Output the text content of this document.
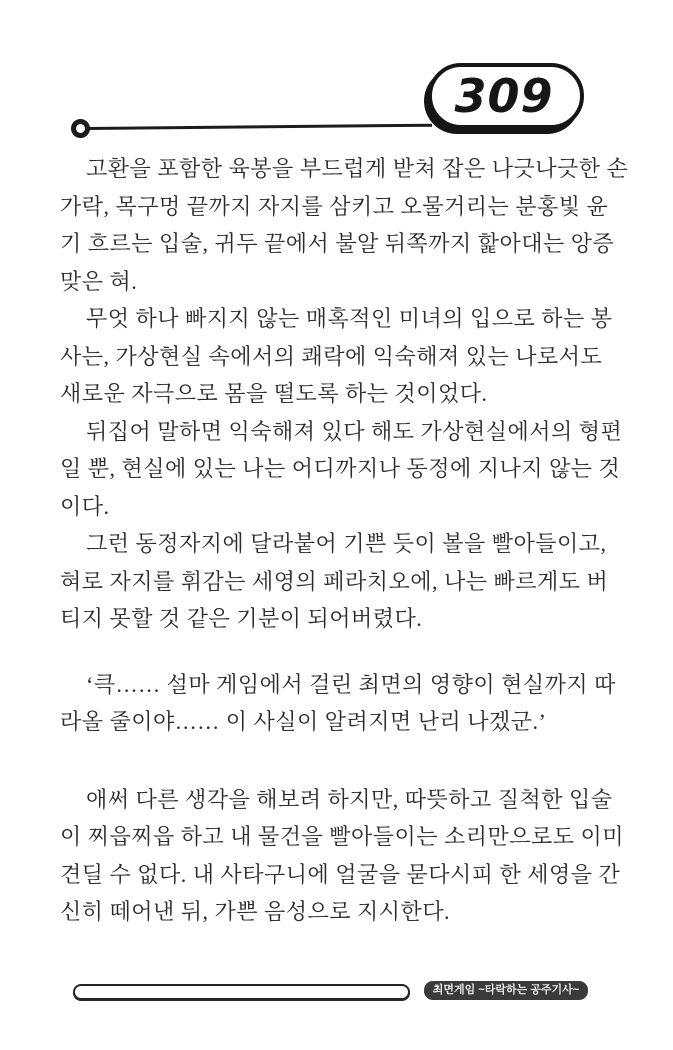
309
고환을 포함한 육봉을 부드럽게 받쳐 잡은 나긋나긋한 손
가락, 목구멍 끝까지 자지를 삼키고 오물거리는 분홍빛 윤
기 흐르는 입술, 귀두 끝에서 불알 뒤쪽까지 핥아대는 앙증
맞은 혀.
무엇 하나 빠지지 않는 매혹적인 미녀의 입으로 하는 봉
사는, 가상현실 속에서의 쾌락에 익숙해져 있는 나로서도
새로운 자극으로 몸을 떨도록 하는 것이었다.
뒤집어 말하면 익숙해져 있다 해도 가상현실에서의 형편
일 뿐, 현실에 있는 나는 어디까지나 동정에 지나지 않는 것
이다.
그런 동정자지에 달라붙어 기쁜 듯이 볼을 빨아들이고,
혀로 자지를 휘감는 세영의 페라치오에, 나는 빠르게도 버
티지 못할 것 같은 기분이 되어버렸다.
‘큭…… 설마 게임에서 걸린 최면의 영향이 현실까지 따
라올 줄이야…… 이 사실이 알려지면 난리 나겠군.’
애써 다른 생각을 해보려 하지만, 따뜻하고 질척한 입술
이 찌읍찌읍 하고 내 물건을 빨아들이는 소리만으로도 이미
견딜 수 없다. 내 사타구니에 얼굴을 묻다시피 한 세영을 간
신히 떼어낸 뒤, 가쁜 음성으로 지시한다.
최면게임 ~타락하는 공주기사~
